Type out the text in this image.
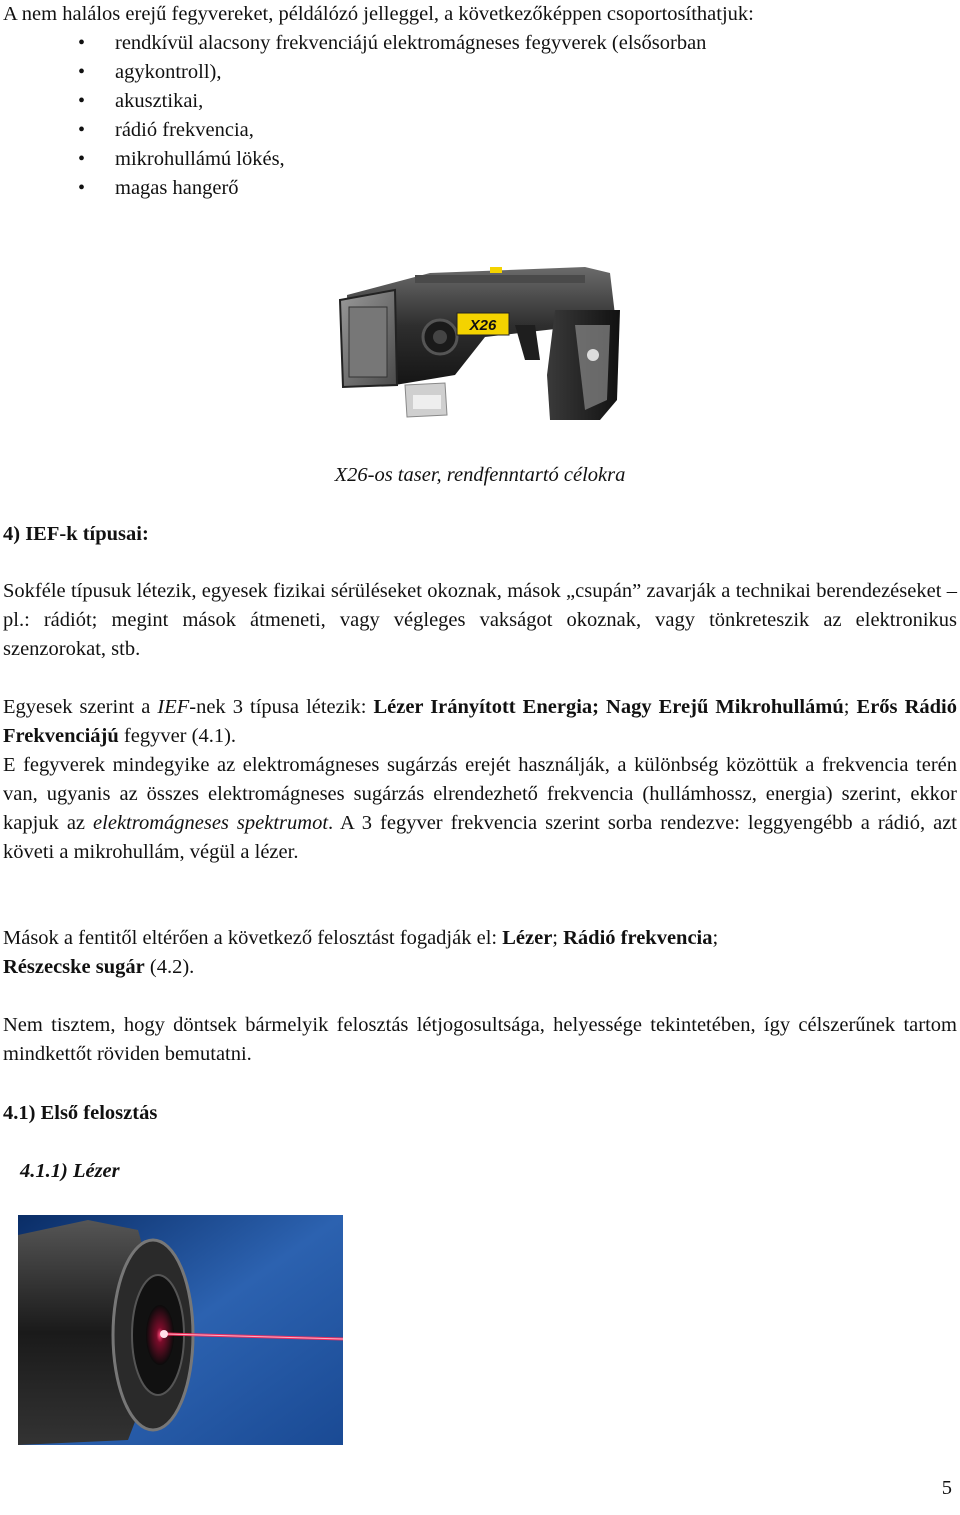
A nem halálos erejű fegyvereket, példálózó jelleggel, a következőképpen csoportosíthatjuk:

• rendkívül alacsony frekvenciájú elektromágneses fegyverek (elsősorban
• agykontroll),
• akusztikai,
• rádió frekvencia,
• mikrohullámú lökés,
• magas hangerő
X26

X26-os taser, rendfenntartó célokra

4) IEF-k típusai:

Sokféle típusuk létezik, egyesek fizikai sérüléseket okoznak, mások „csupán” zavarják a technikai berendezéseket – pl.: rádiót; megint mások átmeneti, vagy végleges vakságot okoznak, vagy tönkreteszik az elektronikus szenzorokat, stb.

Egyesek szerint a IEF-nek 3 típusa létezik: Lézer Irányított Energia; Nagy Erejű Mikrohullámú; Erős Rádió Frekvenciájú fegyver (4.1).
E fegyverek mindegyike az elektromágneses sugárzás erejét használják, a különbség közöttük a frekvencia terén van, ugyanis az összes elektromágneses sugárzás elrendezhető frekvencia (hullámhossz, energia) szerint, ekkor kapjuk az elektromágneses spektrumot. A 3 fegyver frekvencia szerint sorba rendezve: leggyengébb a rádió, azt követi a mikrohullám, végül a lézer.

Mások a fentitől eltérően a következő felosztást fogadják el: Lézer; Rádió frekvencia;
Részecske sugár (4.2).

Nem tisztem, hogy döntsek bármelyik felosztás létjogosultsága, helyessége tekintetében, így célszerűnek tartom mindkettőt röviden bemutatni.

4.1) Első felosztás

4.1.1) Lézer

5
